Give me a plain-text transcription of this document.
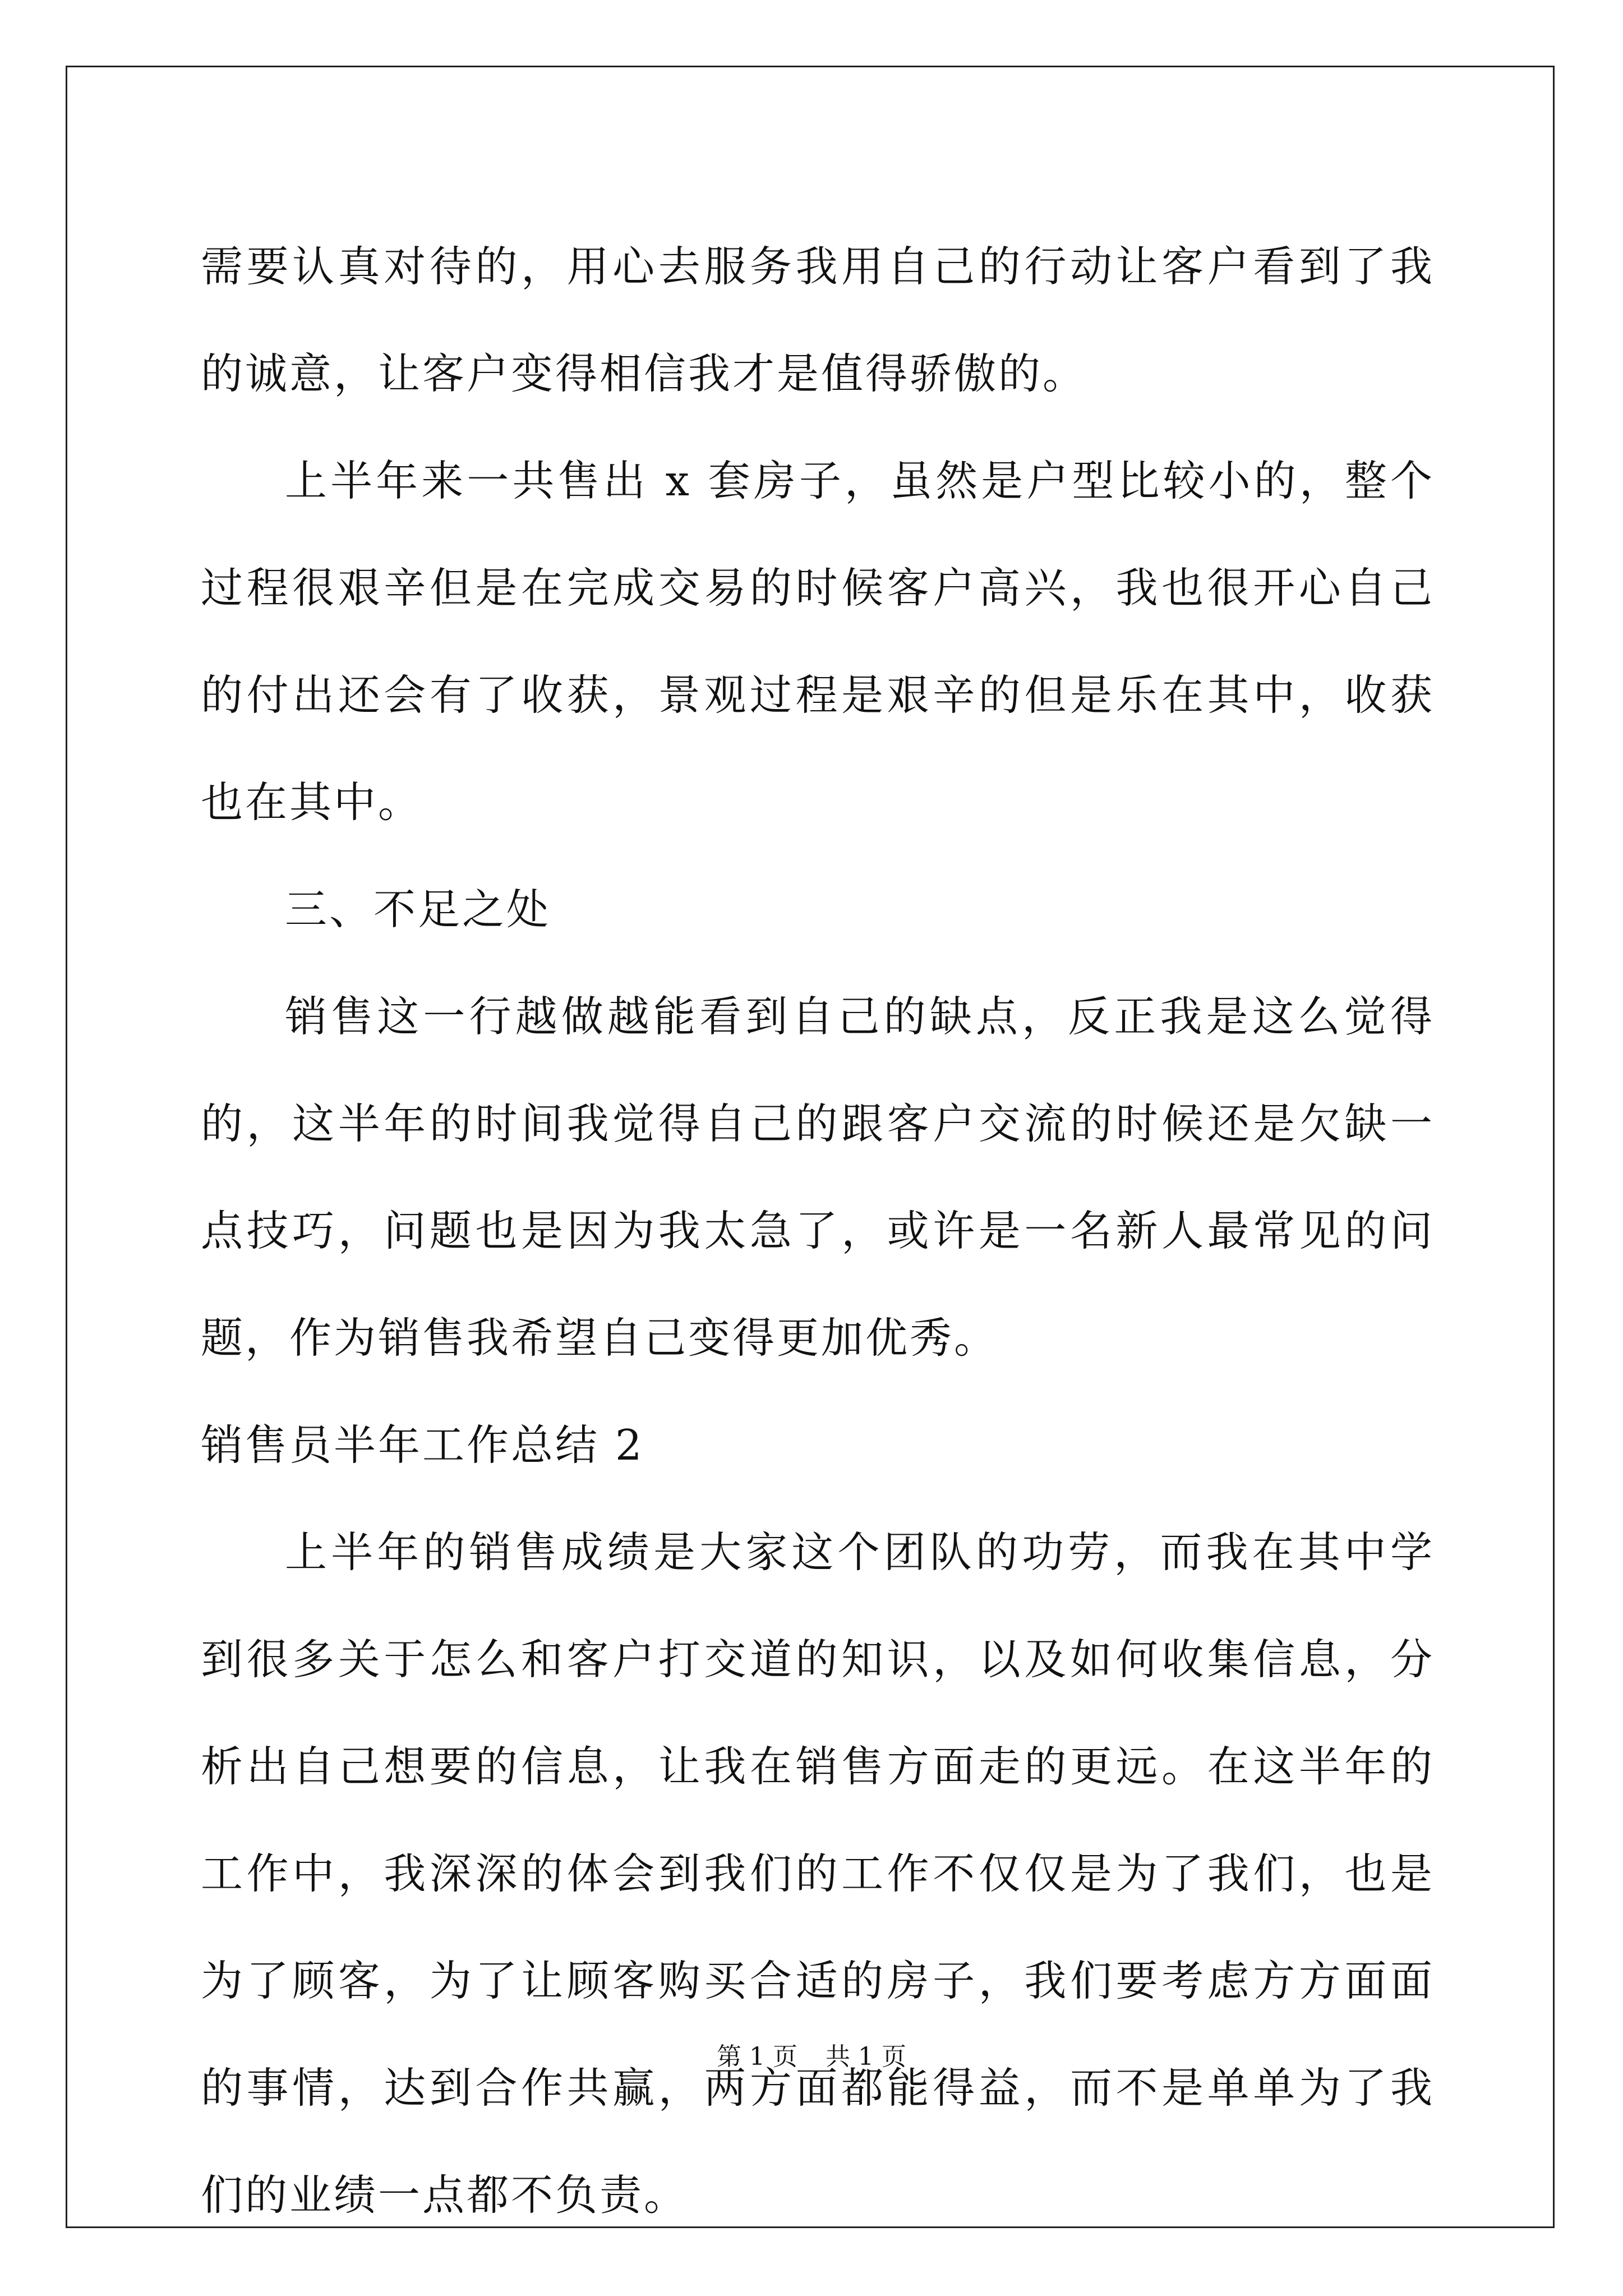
需要认真对待的，用心去服务我用自己的行动让客户看到了我的诚意，让客户变得相信我才是值得骄傲的。

上半年来一共售出 x 套房子，虽然是户型比较小的，整个过程很艰辛但是在完成交易的时候客户高兴，我也很开心自己的付出还会有了收获，景观过程是艰辛的但是乐在其中，收获也在其中。

三、不足之处

销售这一行越做越能看到自己的缺点，反正我是这么觉得的，这半年的时间我觉得自己的跟客户交流的时候还是欠缺一点技巧，问题也是因为我太急了，或许是一名新人最常见的问题，作为销售我希望自己变得更加优秀。

销售员半年工作总结 2

上半年的销售成绩是大家这个团队的功劳，而我在其中学到很多关于怎么和客户打交道的知识，以及如何收集信息，分析出自己想要的信息，让我在销售方面走的更远。在这半年的工作中，我深深的体会到我们的工作不仅仅是为了我们，也是为了顾客，为了让顾客购买合适的房子，我们要考虑方方面面的事情，达到合作共赢，两方面都能得益，而不是单单为了我们的业绩一点都不负责。

第 1 页 共 1 页
